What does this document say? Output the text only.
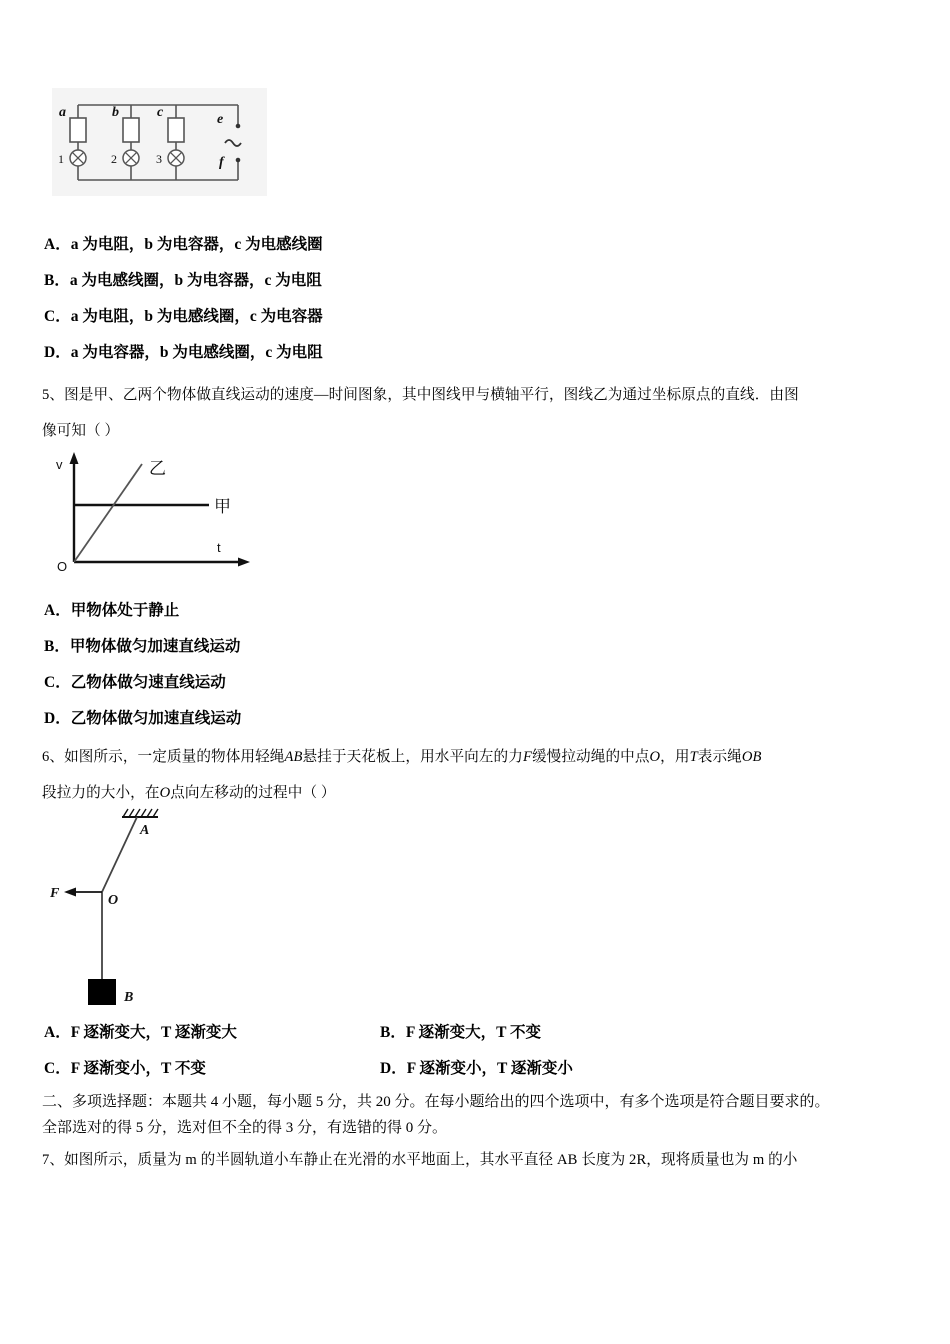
a	b	c	e
f
1	2	3
A．a 为电阻，b 为电容器，c 为电感线圈
B．a 为电感线圈，b 为电容器，c 为电阻
C．a 为电阻，b 为电感线圈，c 为电容器
D．a 为电容器，b 为电感线圈，c 为电阻
5、图是甲、乙两个物体做直线运动的速度—时间图象，其中图线甲与横轴平行，图线乙为通过坐标原点的直线．由图
像可知（ ）
v
t
O
乙
甲
A．甲物体处于静止
B．甲物体做匀加速直线运动
C．乙物体做匀速直线运动
D．乙物体做匀加速直线运动
6、如图所示，一定质量的物体用轻绳AB悬挂于天花板上，用水平向左的力F缓慢拉动绳的中点O，用T表示绳OB
段拉力的大小，在O点向左移动的过程中（ ）
A
O
B
F
A．F 逐渐变大，T 逐渐变大	B．F 逐渐变大，T 不变
C．F 逐渐变小，T 不变	D．F 逐渐变小，T 逐渐变小
二、多项选择题：本题共 4 小题，每小题 5 分，共 20 分。在每小题给出的四个选项中，有多个选项是符合题目要求的。
全部选对的得 5 分，选对但不全的得 3 分，有选错的得 0 分。
7、如图所示，质量为 m 的半圆轨道小车静止在光滑的水平地面上，其水平直径 AB 长度为 2R，现将质量也为 m 的小
